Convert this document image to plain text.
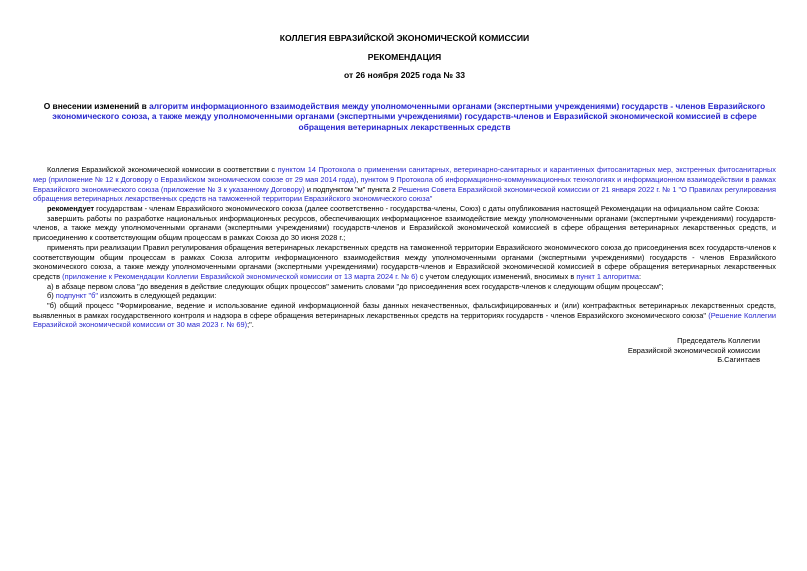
КОЛЛЕГИЯ ЕВРАЗИЙСКОЙ ЭКОНОМИЧЕСКОЙ КОМИССИИ
РЕКОМЕНДАЦИЯ
от 26 ноября 2025 года № 33
О внесении изменений в алгоритм информационного взаимодействия между уполномоченными органами (экспертными учреждениями) государств - членов Евразийского экономического союза, а также между уполномоченными органами (экспертными учреждениями) государств-членов и Евразийской экономической комиссией в сфере обращения ветеринарных лекарственных средств

Коллегия Евразийской экономической комиссии в соответствии с пунктом 14 Протокола о применении санитарных, ветеринарно-санитарных и карантинных фитосанитарных мер, экстренных фитосанитарных мер (приложение № 12 к Договору о Евразийском экономическом союзе от 29 мая 2014 года), пунктом 9 Протокола об информационно-коммуникационных технологиях и информационном взаимодействии в рамках Евразийского экономического союза (приложение № 3 к указанному Договору) и подпунктом "м" пункта 2 Решения Совета Евразийской экономической комиссии от 21 января 2022 г. № 1 "О Правилах регулирования обращения ветеринарных лекарственных средств на таможенной территории Евразийского экономического союза"

рекомендует государствам - членам Евразийского экономического союза (далее соответственно - государства-члены, Союз) с даты опубликования настоящей Рекомендации на официальном сайте Союза:

завершить работы по разработке национальных информационных ресурсов, обеспечивающих информационное взаимодействие между уполномоченными органами (экспертными учреждениями) государств-членов, а также между уполномоченными органами (экспертными учреждениями) государств-членов и Евразийской экономической комиссией в сфере обращения ветеринарных лекарственных средств, и присоединению к соответствующим общим процессам в рамках Союза до 30 июня 2028 г.;

применять при реализации Правил регулирования обращения ветеринарных лекарственных средств на таможенной территории Евразийского экономического союза до присоединения всех государств-членов к соответствующим общим процессам в рамках Союза алгоритм информационного взаимодействия между уполномоченными органами (экспертными учреждениями) государств - членов Евразийского экономического союза, а также между уполномоченными органами (экспертными учреждениями) государств-членов и Евразийской экономической комиссией в сфере обращения ветеринарных лекарственных средств (приложение к Рекомендации Коллегии Евразийской экономической комиссии от 13 марта 2024 г. № 6) с учетом следующих изменений, вносимых в пункт 1 алгоритма:

а) в абзаце первом слова "до введения в действие следующих общих процессов" заменить словами "до присоединения всех государств-членов к следующим общим процессам";

б) подпункт "б" изложить в следующей редакции:

"б) общий процесс "Формирование, ведение и использование единой информационной базы данных некачественных, фальсифицированных и (или) контрафактных ветеринарных лекарственных средств, выявленных в рамках государственного контроля и надзора в сфере обращения ветеринарных лекарственных средств на территориях государств - членов Евразийского экономического союза" (Решение Коллегии Евразийской экономической комиссии от 30 мая 2023 г. № 69);".

Председатель Коллегии
Евразийской экономической комиссии
Б.Сагинтаев
